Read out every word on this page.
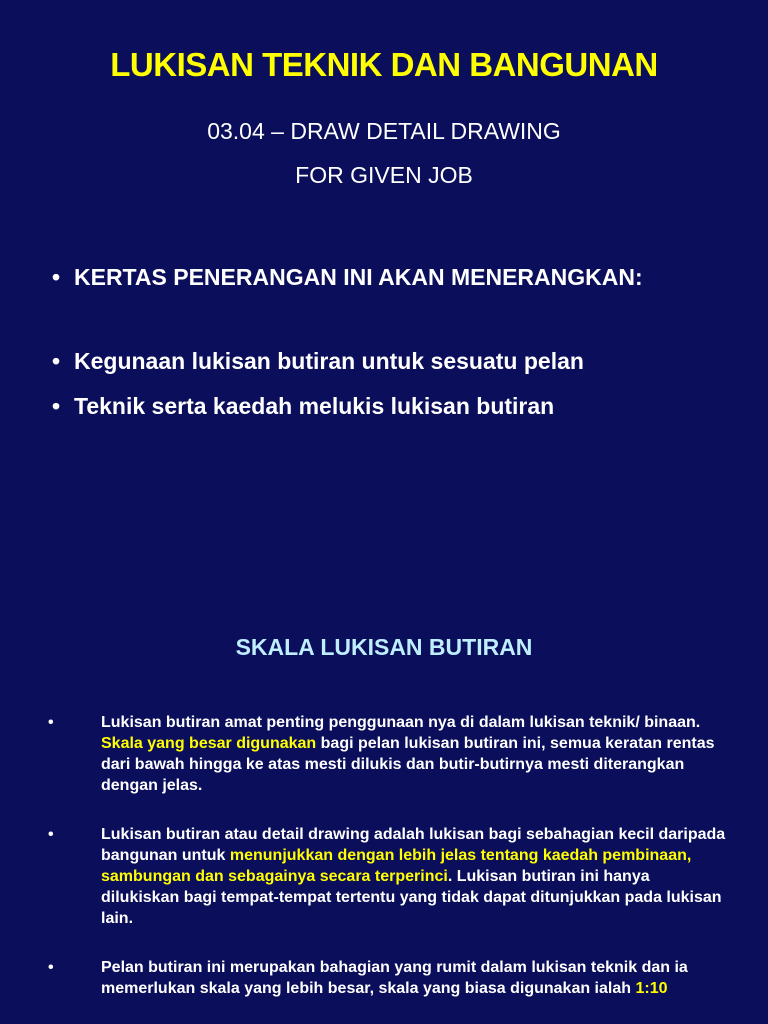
LUKISAN TEKNIK DAN BANGUNAN
03.04 – DRAW DETAIL DRAWING
FOR GIVEN JOB
• KERTAS PENERANGAN INI AKAN MENERANGKAN:
• Kegunaan lukisan butiran untuk sesuatu pelan
• Teknik serta kaedah melukis lukisan butiran
SKALA LUKISAN BUTIRAN
•	Lukisan butiran amat penting penggunaan nya di dalam lukisan teknik/ binaan. Skala yang besar digunakan bagi pelan lukisan butiran ini, semua keratan rentas dari bawah hingga ke atas mesti dilukis dan butir-butirnya mesti diterangkan dengan jelas.
•	Lukisan butiran atau detail drawing adalah lukisan bagi sebahagian kecil daripada bangunan untuk menunjukkan dengan lebih jelas tentang kaedah pembinaan, sambungan dan sebagainya secara terperinci. Lukisan butiran ini hanya dilukiskan bagi tempat-tempat tertentu yang tidak dapat ditunjukkan pada lukisan lain.
•	Pelan butiran ini merupakan bahagian yang rumit dalam lukisan teknik dan ia memerlukan skala yang lebih besar, skala yang biasa digunakan ialah 1:10
